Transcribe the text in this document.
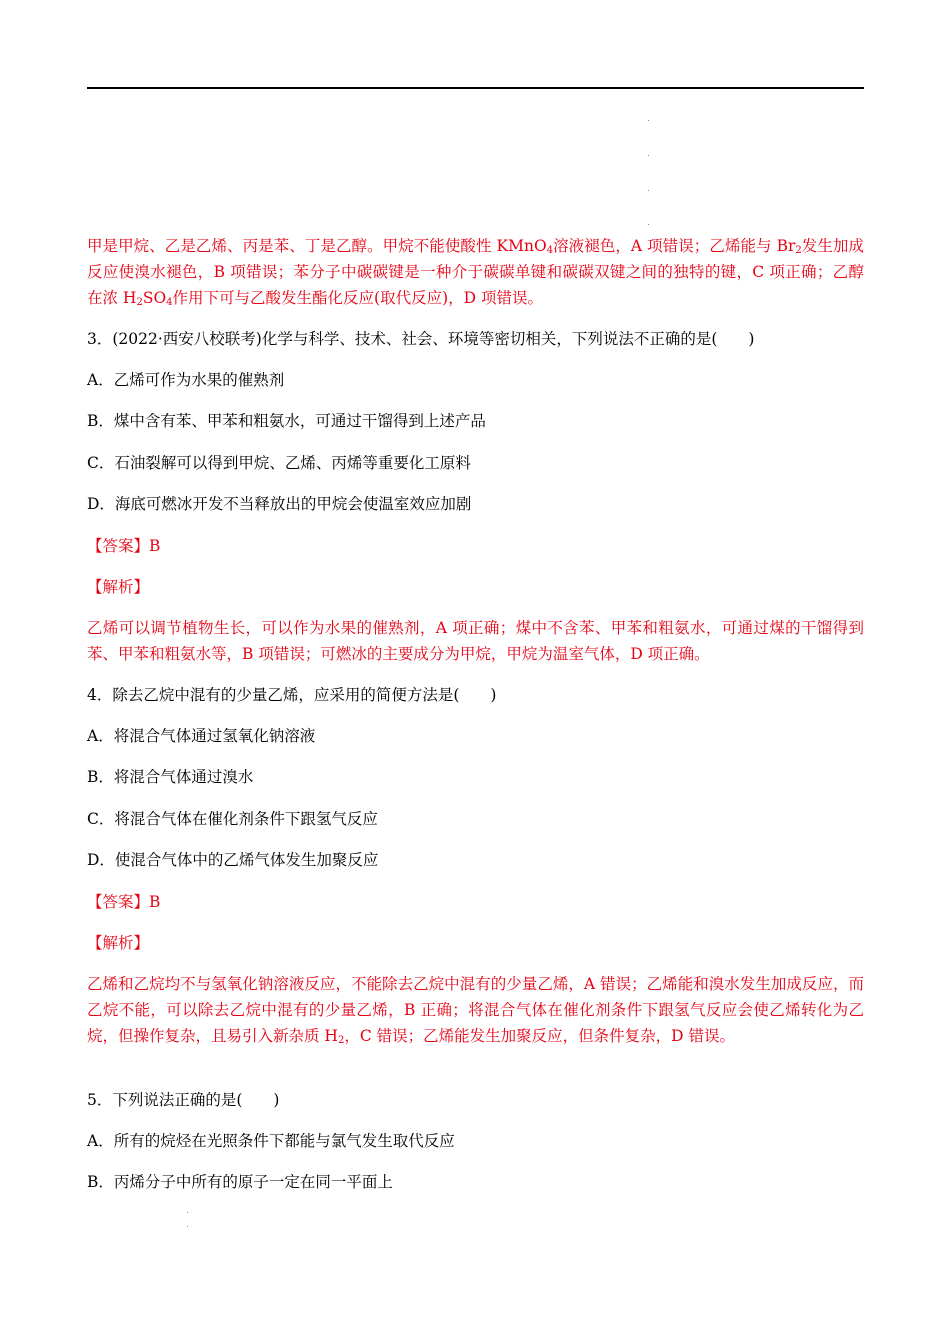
甲是甲烷、乙是乙烯、丙是苯、丁是乙醇。甲烷不能使酸性 KMnO$_4$溶液褪色，A 项错误；乙烯能与 $Br_2$发生加成反应使溴水褪色，B 项错误；苯分子中碳碳键是一种介于碳碳单键和碳碳双键之间的独特的键，C 项正确；乙醇在浓 $H_2SO_4$作用下可与乙酸发生酯化反应(取代反应)，D 项错误。

3．(2022·西安八校联考)化学与科学、技术、社会、环境等密切相关，下列说法不正确的是(　　)

A．乙烯可作为水果的催熟剂

B．煤中含有苯、甲苯和粗氨水，可通过干馏得到上述产品

C．石油裂解可以得到甲烷、乙烯、丙烯等重要化工原料

D．海底可燃冰开发不当释放出的甲烷会使温室效应加剧

【答案】B

【解析】

乙烯可以调节植物生长，可以作为水果的催熟剂，A 项正确；煤中不含苯、甲苯和粗氨水，可通过煤的干馏得到苯、甲苯和粗氨水等，B 项错误；可燃冰的主要成分为甲烷，甲烷为温室气体，D 项正确。

4．除去乙烷中混有的少量乙烯，应采用的简便方法是(　　)

A．将混合气体通过氢氧化钠溶液

B．将混合气体通过溴水

C．将混合气体在催化剂条件下跟氢气反应

D．使混合气体中的乙烯气体发生加聚反应

【答案】B

【解析】

乙烯和乙烷均不与氢氧化钠溶液反应，不能除去乙烷中混有的少量乙烯，A 错误；乙烯能和溴水发生加成反应，而乙烷不能，可以除去乙烷中混有的少量乙烯，B 正确；将混合气体在催化剂条件下跟氢气反应会使乙烯转化为乙烷，但操作复杂，且易引入新杂质 $H_2$，C 错误；乙烯能发生加聚反应，但条件复杂，D 错误。

5．下列说法正确的是(　　)

A．所有的烷烃在光照条件下都能与氯气发生取代反应

B．丙烯分子中所有的原子一定在同一平面上
